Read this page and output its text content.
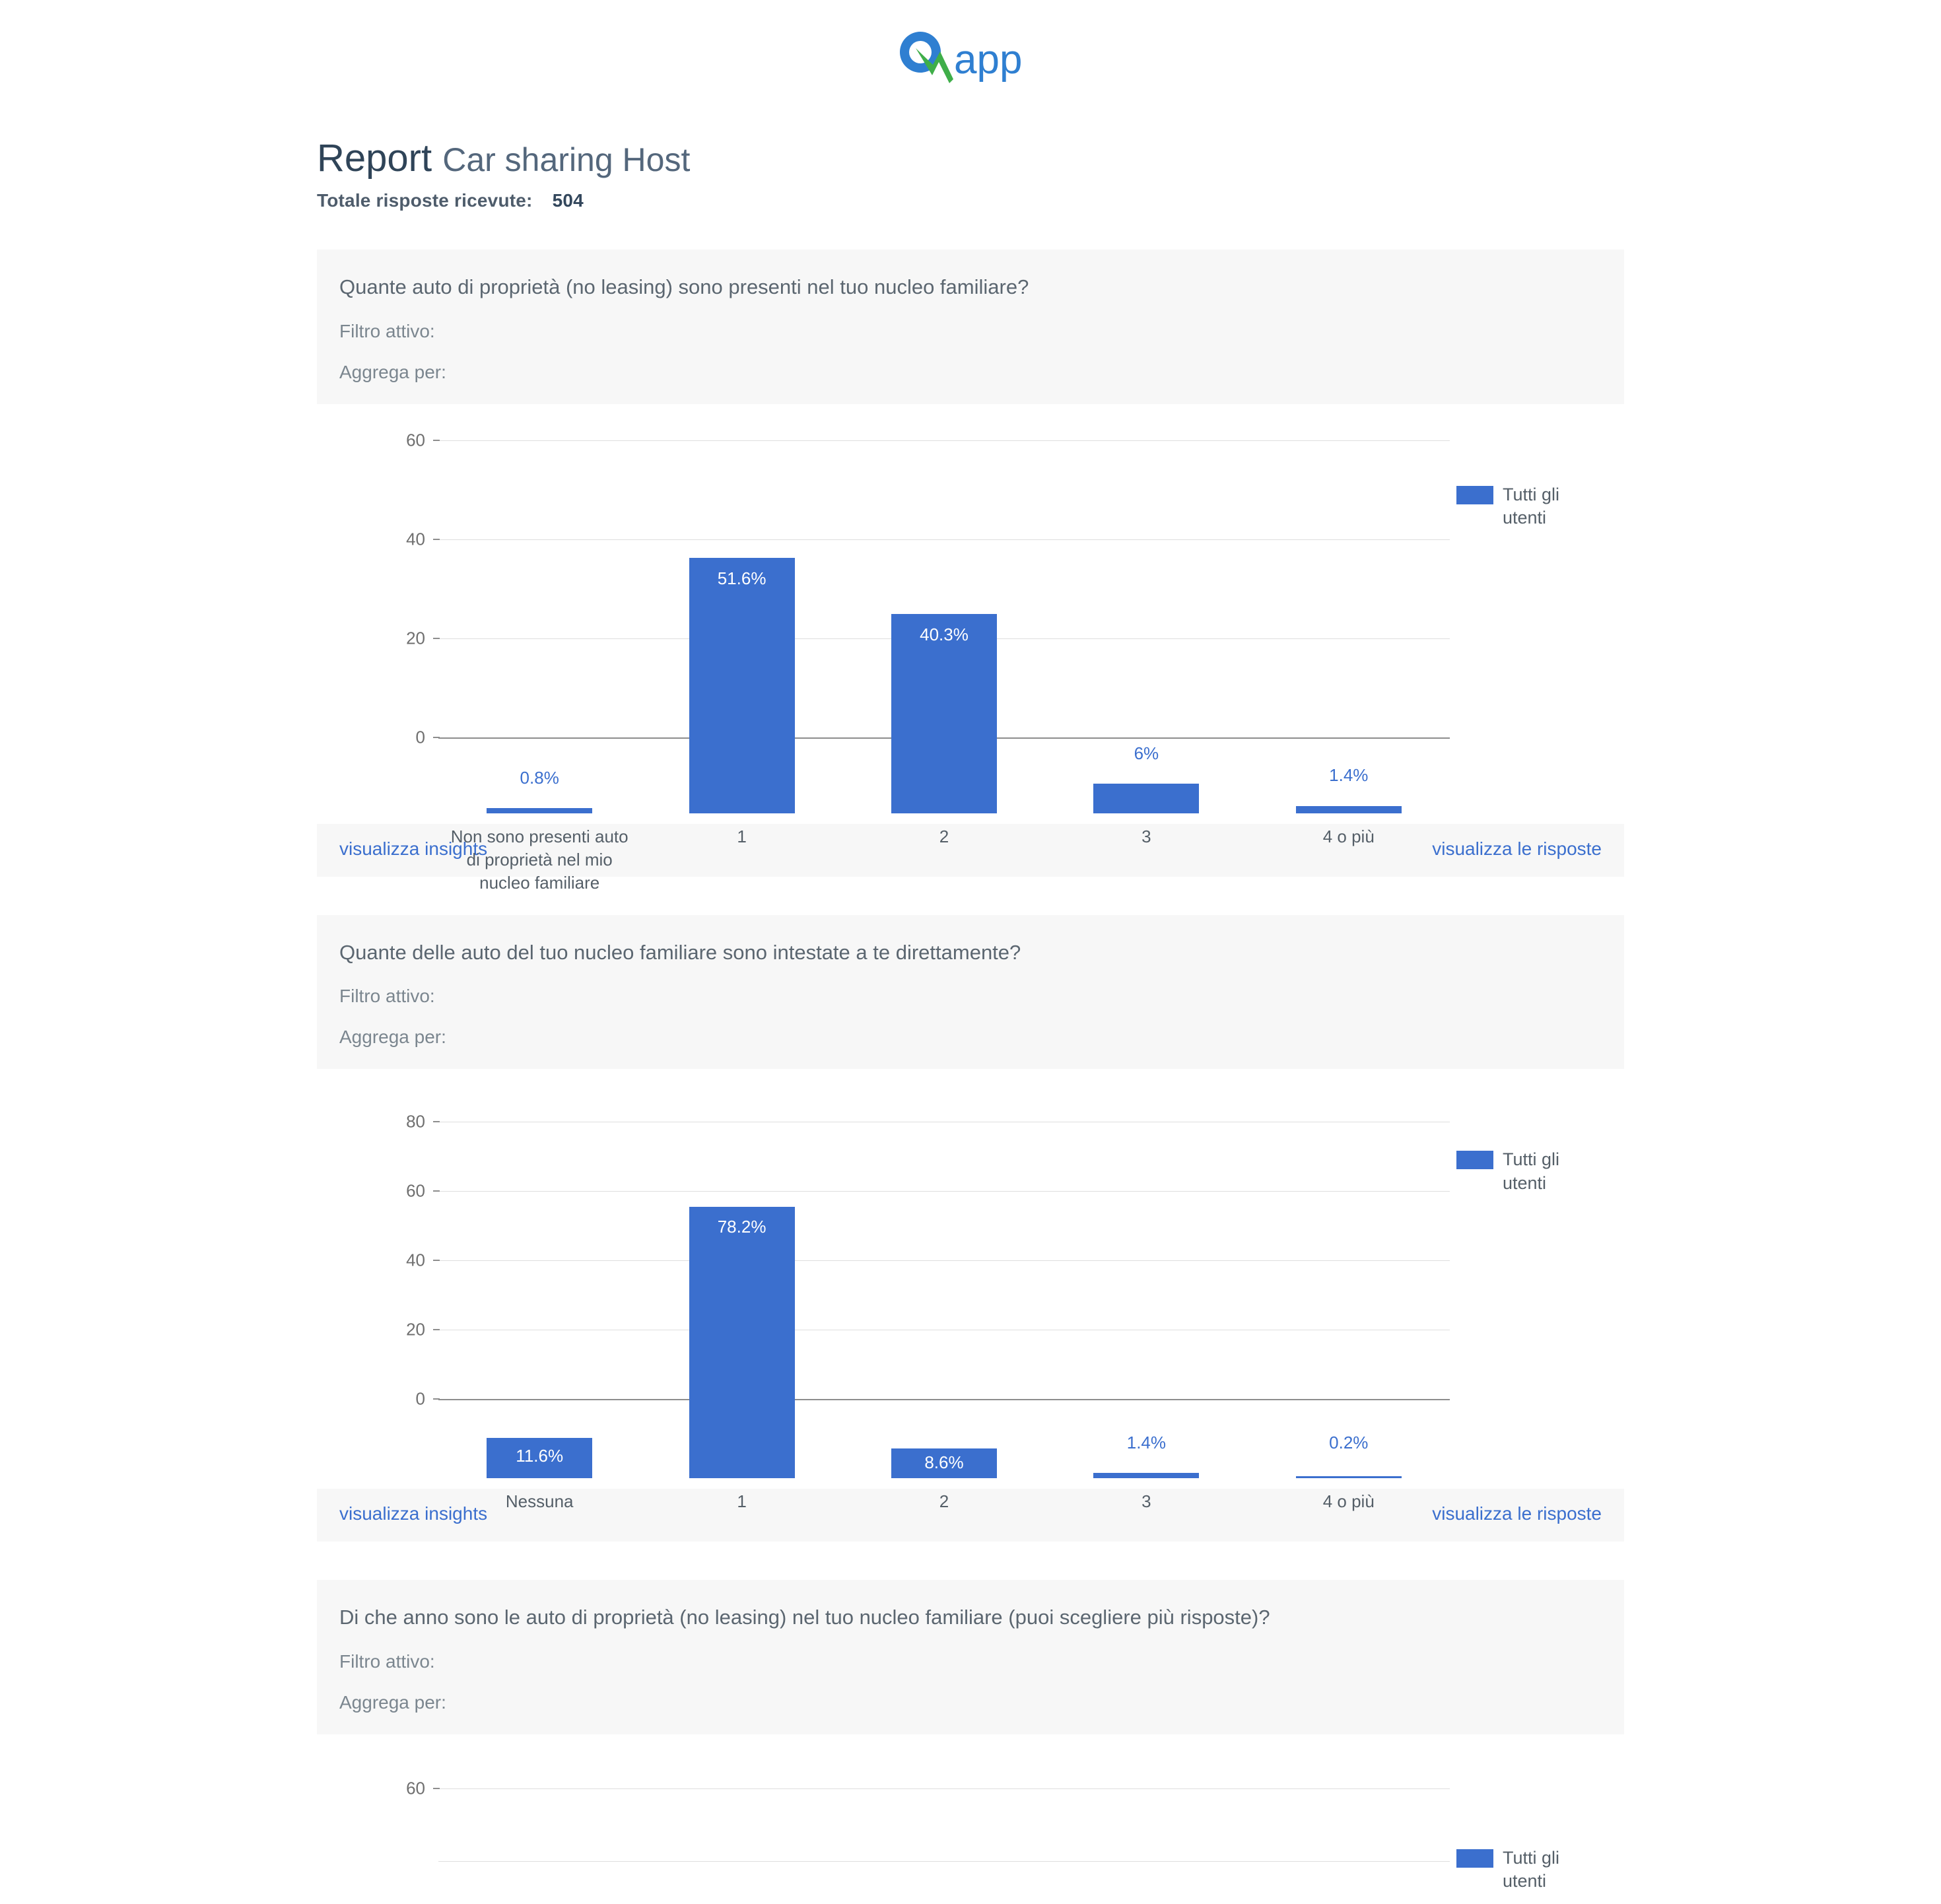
app
Report Car sharing Host
Totale risposte ricevute: 504
Quante auto di proprietà (no leasing) sono presenti nel tuo nucleo familiare?
Filtro attivo:
Aggrega per:
60
40
20
0
0.8%
Non sono presenti auto di proprietà nel mio nucleo familiare
51.6%
1
40.3%
2
6%
3
1.4%
4 o più
Tutti gli utenti
visualizza insights	visualizza le risposte
Quante delle auto del tuo nucleo familiare sono intestate a te direttamente?
Filtro attivo:
Aggrega per:
80
60
40
20
0
11.6%
Nessuna
78.2%
1
8.6%
2
1.4%
3
0.2%
4 o più
Tutti gli utenti
visualizza insights	visualizza le risposte
Di che anno sono le auto di proprietà (no leasing) nel tuo nucleo familiare (puoi scegliere più risposte)?
Filtro attivo:
Aggrega per:
60
Tutti gli utenti
